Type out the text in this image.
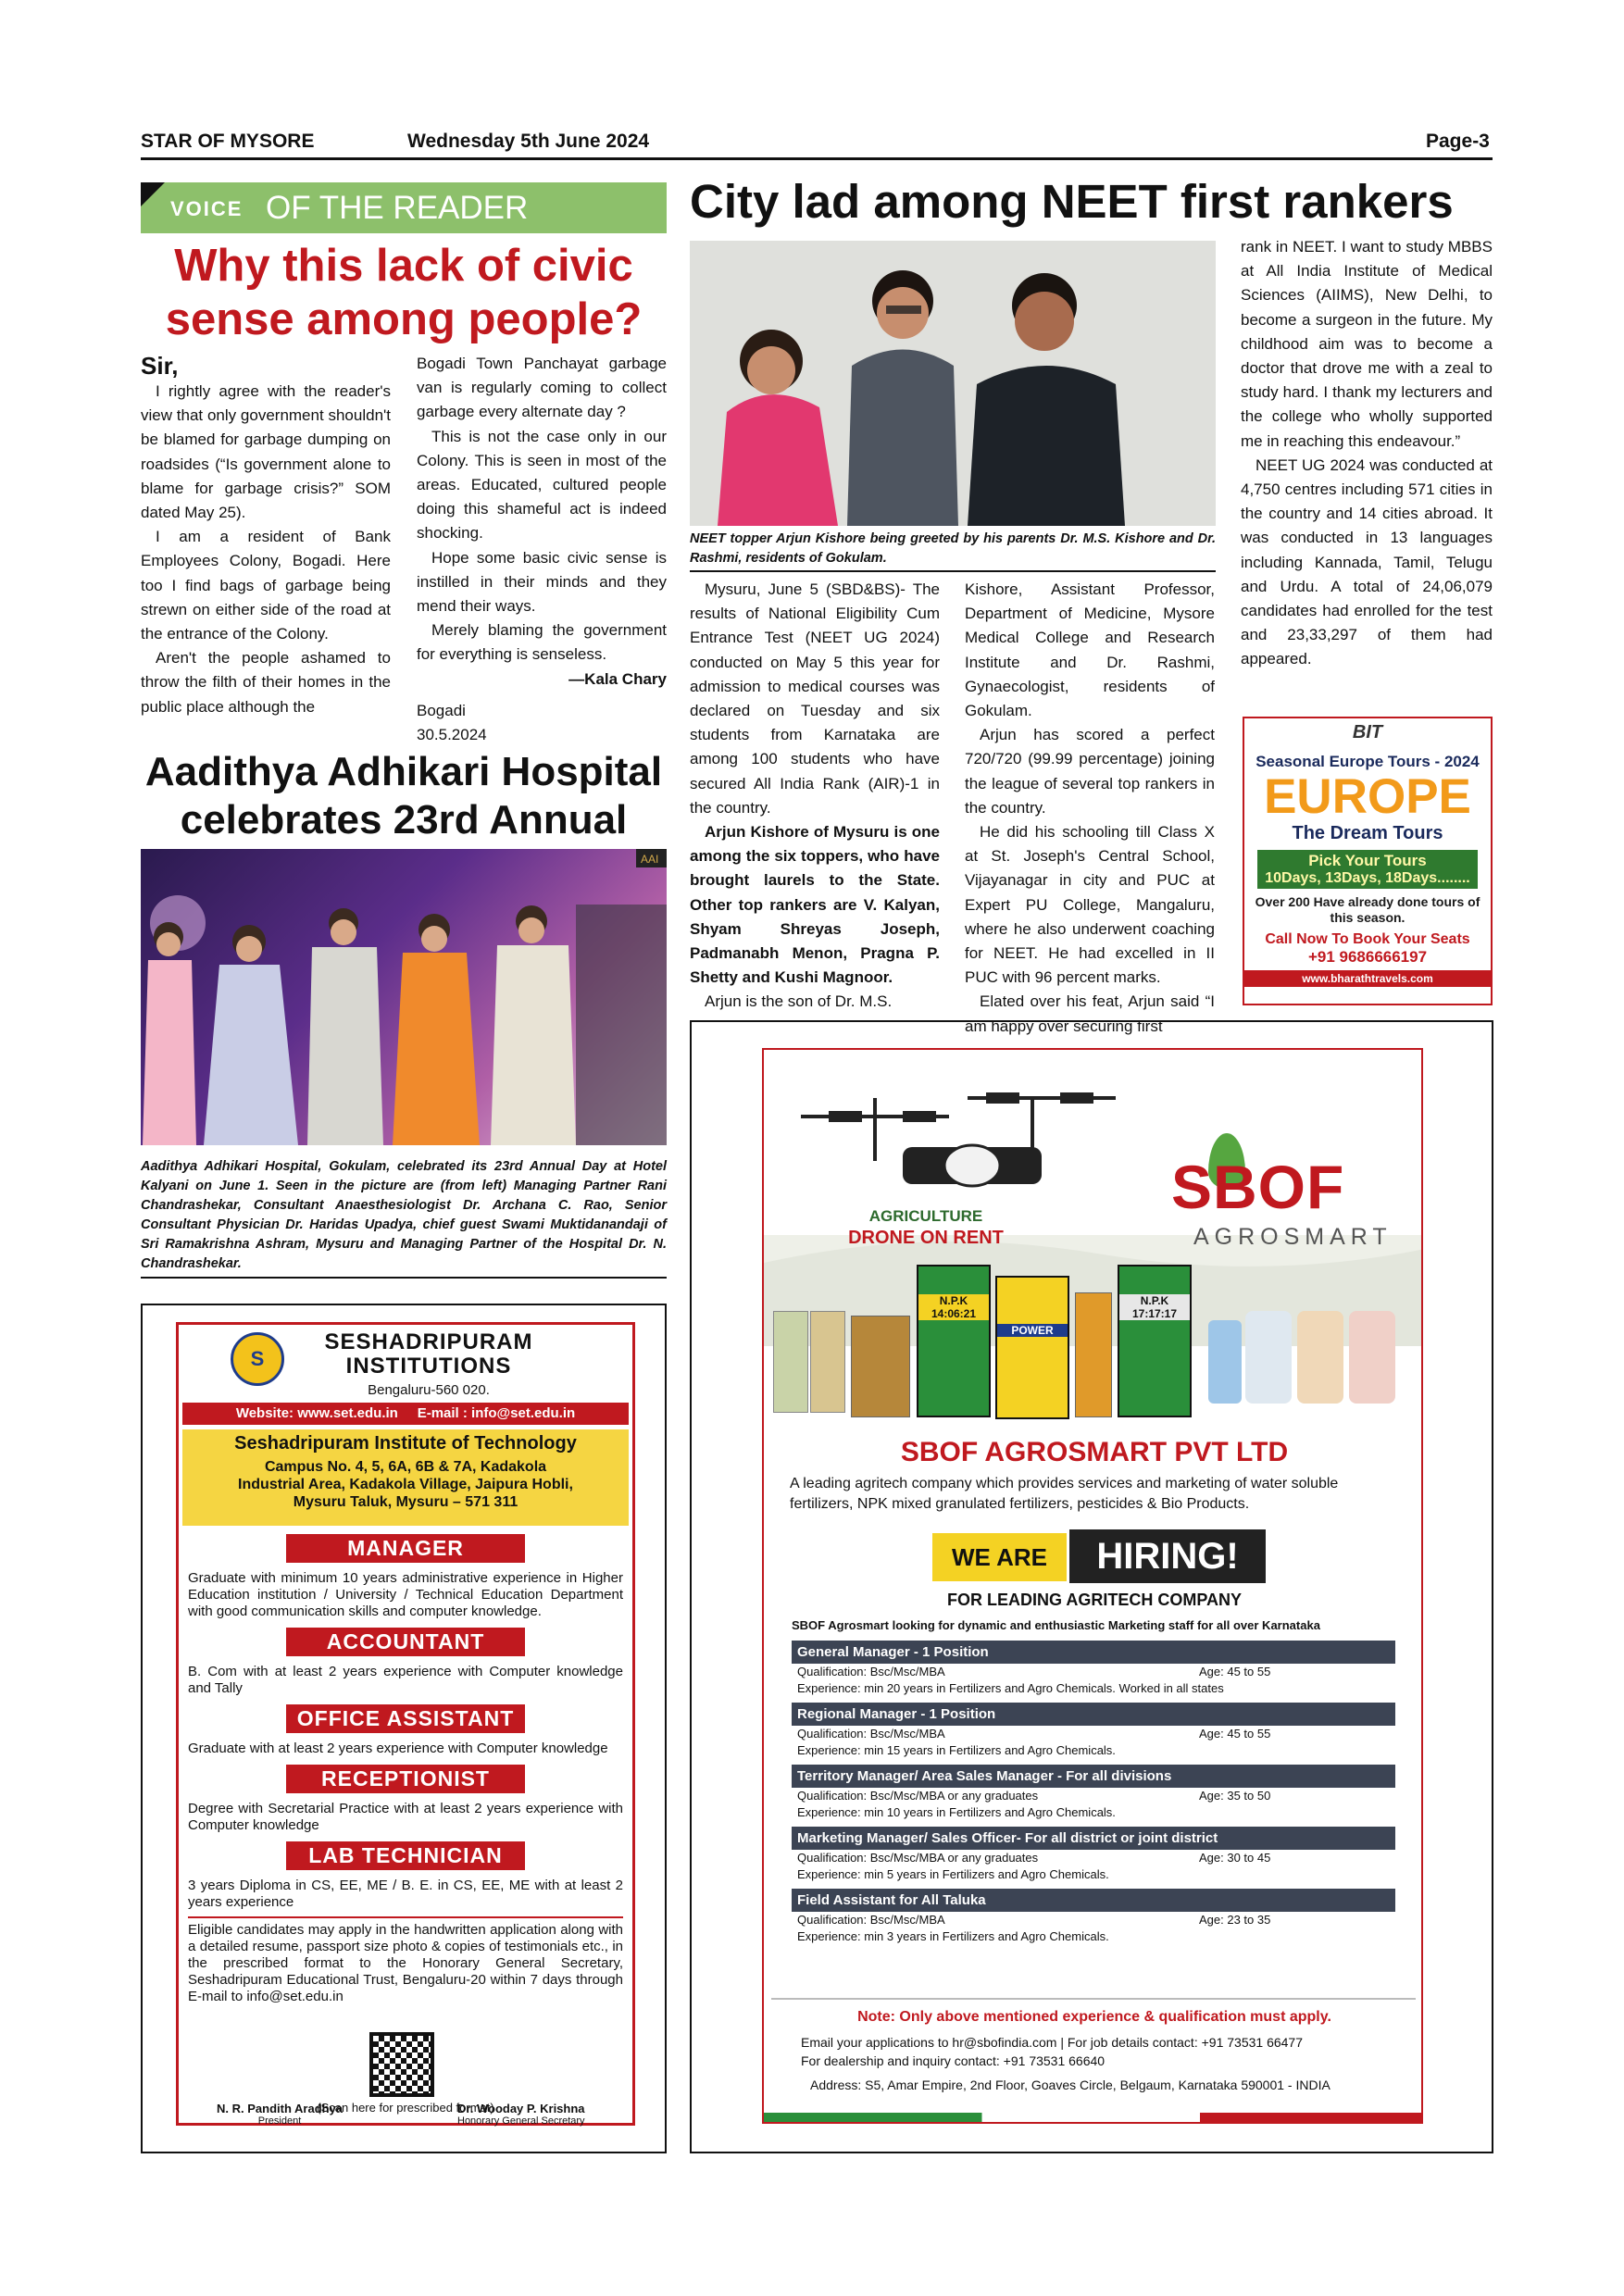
STAR OF MYSORE	Wednesday 5th June 2024	Page-3
VOICE OF THE READER
Why this lack of civic
sense among people?

Sir,

I rightly agree with the reader's view that only government shouldn't be blamed for garbage dumping on roadsides (“Is government alone to blame for garbage crisis?” SOM dated May 25).

I am a resident of Bank Employees Colony, Bogadi. Here too I find bags of garbage being strewn on either side of the road at the entrance of the Colony.

Aren't the people ashamed to throw the filth of their homes in the public place although the

Bogadi Town Panchayat garbage van is regularly coming to collect garbage every alternate day ?

This is not the case only in our Colony. This is seen in most of the areas. Educated, cultured people doing this shameful act is indeed shocking.

Hope some basic civic sense is instilled in their minds and they mend their ways.

Merely blaming the government for everything is senseless.

—Kala Chary

Bogadi

30.5.2024

Aadithya Adhikari Hospital
celebrates 23rd Annual
AAI
Aadithya Adhikari Hospital, Gokulam, celebrated its 23rd Annual Day at Hotel Kalyani on June 1. Seen in the picture are (from left) Managing Partner Rani Chandrashekar, Consultant Anaesthesiologist Dr. Archana C. Rao, Senior Consultant Physician Dr. Haridas Upadya, chief guest Swami Muktidanandaji of Sri Ramakrishna Ashram, Mysuru and Managing Partner of the Hospital Dr. N. Chandrashekar.
City lad among NEET first rankers
NEET topper Arjun Kishore being greeted by his parents Dr. M.S. Kishore and Dr. Rashmi, residents of Gokulam.

Mysuru, June 5 (SBD&BS)- The results of National Eligibility Cum Entrance Test (NEET UG 2024) conducted on May 5 this year for admission to medical courses was declared on Tuesday and six students from Karnataka are among 100 students who have secured All India Rank (AIR)-1 in the country.

Arjun Kishore of Mysuru is one among the six toppers, who have brought laurels to the State. Other top rankers are V. Kalyan, Shyam Shreyas Joseph, Padmanabh Menon, Pragna P. Shetty and Kushi Magnoor.

Arjun is the son of Dr. M.S.

Kishore, Assistant Professor, Department of Medicine, Mysore Medical College and Research Institute and Dr. Rashmi, Gynaecologist, residents of Gokulam.

Arjun has scored a perfect 720/720 (99.99 percentage) joining the league of several top rankers in the country.

He did his schooling till Class X at St. Joseph's Central School, Vijayanagar in city and PUC at Expert PU College, Mangaluru, where he also underwent coaching for NEET. He had excelled in II PUC with 96 percent marks.

Elated over his feat, Arjun said “I am happy over securing first

rank in NEET. I want to study MBBS at All India Institute of Medical Sciences (AIIMS), New Delhi, to become a surgeon in the future. My childhood aim was to become a doctor that drove me with a zeal to study hard. I thank my lecturers and the college who wholly supported me in reaching this endeavour.”

NEET UG 2024 was conducted at 4,750 centres including 571 cities in the country and 14 cities abroad. It was conducted in 13 languages including Kannada, Tamil, Telugu and Urdu. A total of 24,06,079 candidates had enrolled for the test and 23,33,297 of them had appeared.

BIT
Seasonal Europe Tours - 2024
EUROPE
The Dream Tours
Pick Your Tours
10Days, 13Days, 18Days........
Over 200 Have already done tours of this season.
Call Now To Book Your Seats
+91 9686666197
www.bharathtravels.com
S
SESHADRIPURAM
INSTITUTIONS
Bengaluru-560 020.
Website: www.set.edu.in E-mail : info@set.edu.in
Seshadripuram Institute of Technology
Campus No. 4, 5, 6A, 6B & 7A, Kadakola Industrial Area, Kadakola Village, Jaipura Hobli, Mysuru Taluk, Mysuru – 571 311
MANAGER
Graduate with minimum 10 years administrative experience in Higher Education institution / University / Technical Education Department with good communication skills and computer knowledge.
ACCOUNTANT
B. Com with at least 2 years experience with Computer knowledge and Tally
OFFICE ASSISTANT
Graduate with at least 2 years experience with Computer knowledge
RECEPTIONIST
Degree with Secretarial Practice with at least 2 years experience with Computer knowledge
LAB TECHNICIAN
3 years Diploma in CS, EE, ME / B. E. in CS, EE, ME with at least 2 years experience
Eligible candidates may apply in the handwritten application along with a detailed resume, passport size photo & copies of testimonials etc., in the prescribed format to the Honorary General Secretary, Seshadripuram Educational Trust, Bengaluru-20 within 7 days through E-mail to info@set.edu.in
(Scan here for prescribed format)
N. R. Pandith Aradhya
President
Dr. Wooday P. Krishna
Honorary General Secretary
AGRICULTURE
DRONE ON RENT
SBOF
AGROSMART
N.P.K 14:06:21
POWER
N.P.K 17:17:17
SBOF AGROSMART PVT LTD
A leading agritech company which provides services and marketing of water soluble fertilizers, NPK mixed granulated fertilizers, pesticides & Bio Products.
WE ARE	HIRING!
FOR LEADING AGRITECH COMPANY
SBOF Agrosmart looking for dynamic and enthusiastic Marketing staff for all over Karnataka
General Manager - 1 Position
Qualification: Bsc/Msc/MBA	Age: 45 to 55
Experience: min 20 years in Fertilizers and Agro Chemicals. Worked in all states
Regional Manager - 1 Position
Qualification: Bsc/Msc/MBA	Age: 45 to 55
Experience: min 15 years in Fertilizers and Agro Chemicals.
Territory Manager/ Area Sales Manager - For all divisions
Qualification: Bsc/Msc/MBA or any graduates	Age: 35 to 50
Experience: min 10 years in Fertilizers and Agro Chemicals.
Marketing Manager/ Sales Officer- For all district or joint district
Qualification: Bsc/Msc/MBA or any graduates	Age: 30 to 45
Experience: min 5 years in Fertilizers and Agro Chemicals.
Field Assistant for All Taluka
Qualification: Bsc/Msc/MBA	Age: 23 to 35
Experience: min 3 years in Fertilizers and Agro Chemicals.
Note: Only above mentioned experience & qualification must apply.
Email your applications to hr@sbofindia.com | For job details contact: +91 73531 66477
For dealership and inquiry contact: +91 73531 66640
Address: S5, Amar Empire, 2nd Floor, Goaves Circle, Belgaum, Karnataka 590001 - INDIA
